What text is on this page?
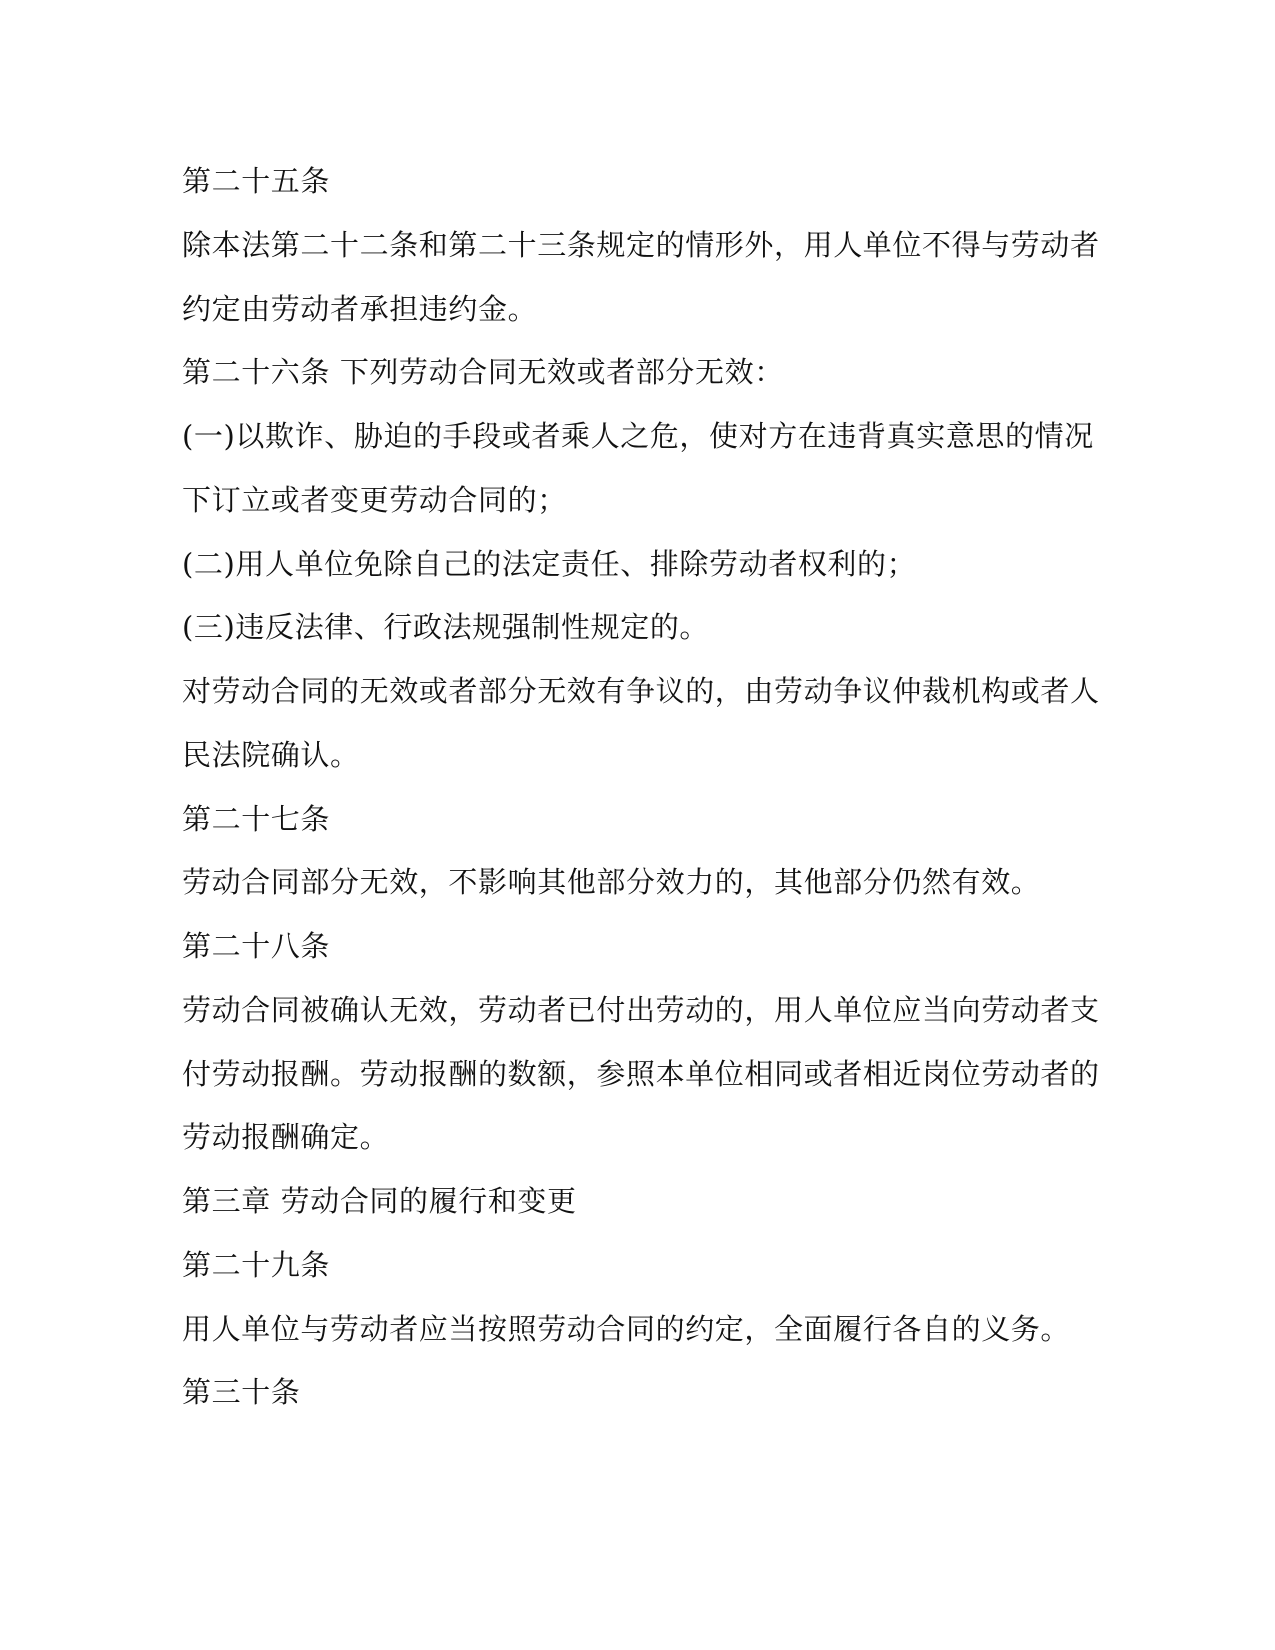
第二十五条
除本法第二十二条和第二十三条规定的情形外，用人单位不得与劳动者
约定由劳动者承担违约金。
第二十六条 下列劳动合同无效或者部分无效：
(一)以欺诈、胁迫的手段或者乘人之危，使对方在违背真实意思的情况
下订立或者变更劳动合同的；
(二)用人单位免除自己的法定责任、排除劳动者权利的；
(三)违反法律、行政法规强制性规定的。
对劳动合同的无效或者部分无效有争议的，由劳动争议仲裁机构或者人
民法院确认。
第二十七条
劳动合同部分无效，不影响其他部分效力的，其他部分仍然有效。
第二十八条
劳动合同被确认无效，劳动者已付出劳动的，用人单位应当向劳动者支
付劳动报酬。劳动报酬的数额，参照本单位相同或者相近岗位劳动者的
劳动报酬确定。
第三章 劳动合同的履行和变更
第二十九条
用人单位与劳动者应当按照劳动合同的约定，全面履行各自的义务。
第三十条
